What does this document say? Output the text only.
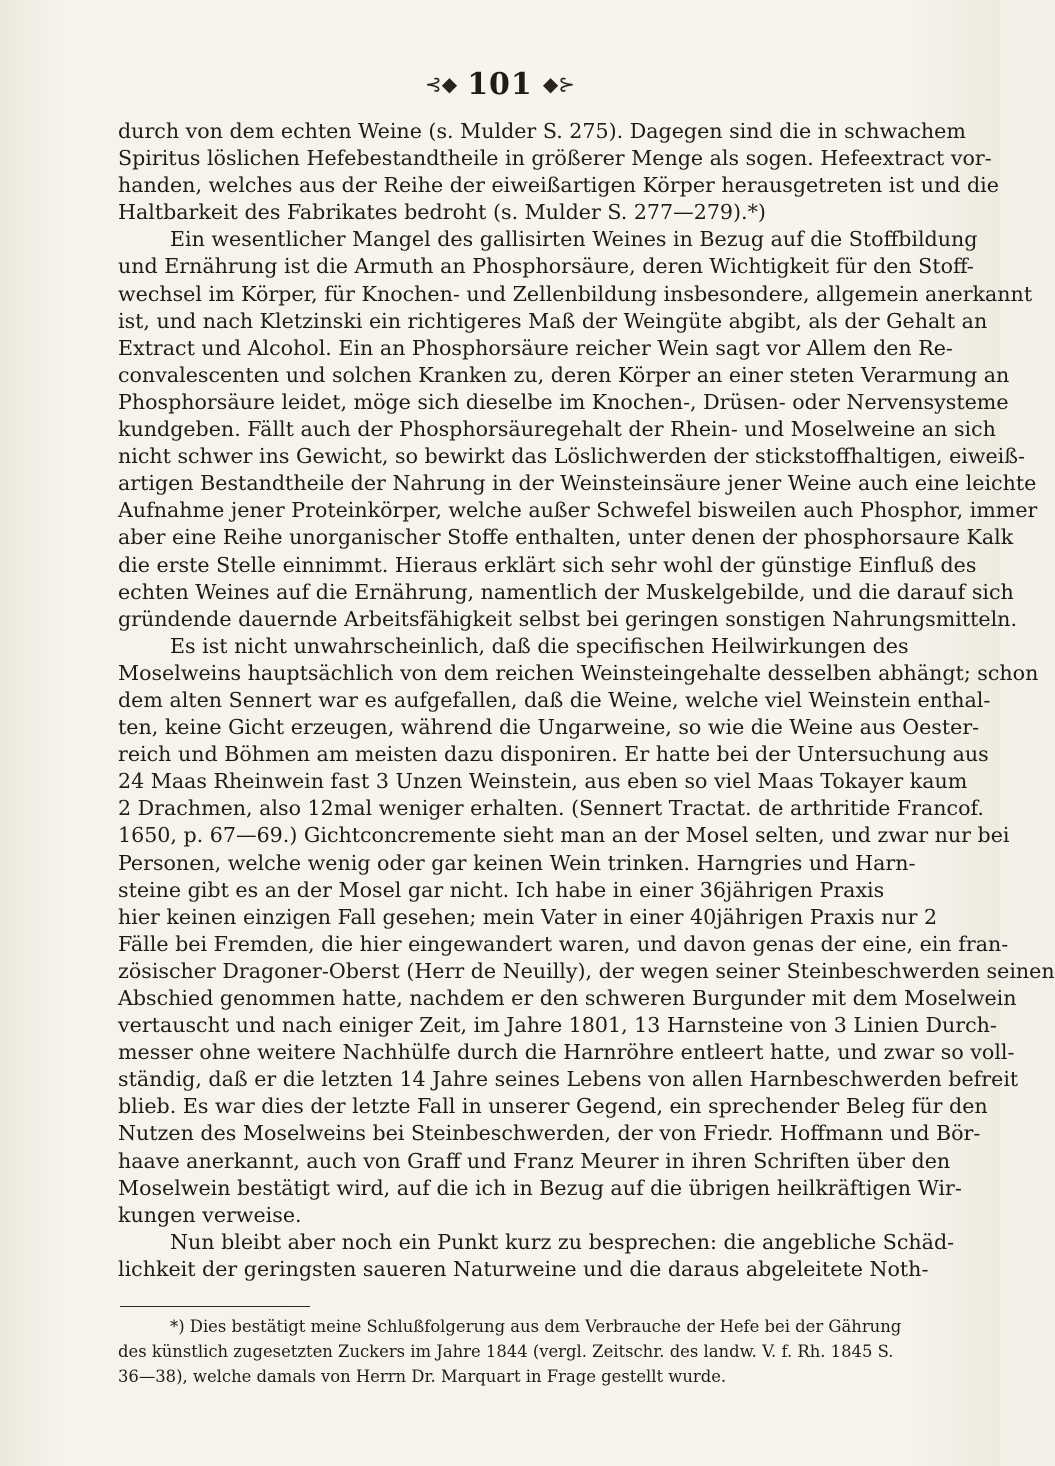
⊰◆ 101 ◆⊱
durch von dem echten Weine (s. Mulder S. 275). Dagegen sind die in schwachem
Spiritus löslichen Hefebestandtheile in größerer Menge als sogen. Hefeextract vor-
handen, welches aus der Reihe der eiweißartigen Körper herausgetreten ist und die
Haltbarkeit des Fabrikates bedroht (s. Mulder S. 277—279).*)
Ein wesentlicher Mangel des gallisirten Weines in Bezug auf die Stoffbildung
und Ernährung ist die Armuth an Phosphorsäure, deren Wichtigkeit für den Stoff-
wechsel im Körper, für Knochen- und Zellenbildung insbesondere, allgemein anerkannt
ist, und nach Kletzinski ein richtigeres Maß der Weingüte abgibt, als der Gehalt an
Extract und Alcohol. Ein an Phosphorsäure reicher Wein sagt vor Allem den Re-
convalescenten und solchen Kranken zu, deren Körper an einer steten Verarmung an
Phosphorsäure leidet, möge sich dieselbe im Knochen-, Drüsen- oder Nervensysteme
kundgeben. Fällt auch der Phosphorsäuregehalt der Rhein- und Moselweine an sich
nicht schwer ins Gewicht, so bewirkt das Löslichwerden der stickstoffhaltigen, eiweiß-
artigen Bestandtheile der Nahrung in der Weinsteinsäure jener Weine auch eine leichte
Aufnahme jener Proteinkörper, welche außer Schwefel bisweilen auch Phosphor, immer
aber eine Reihe unorganischer Stoffe enthalten, unter denen der phosphorsaure Kalk
die erste Stelle einnimmt. Hieraus erklärt sich sehr wohl der günstige Einfluß des
echten Weines auf die Ernährung, namentlich der Muskelgebilde, und die darauf sich
gründende dauernde Arbeitsfähigkeit selbst bei geringen sonstigen Nahrungsmitteln.
Es ist nicht unwahrscheinlich, daß die specifischen Heilwirkungen des
Moselweins hauptsächlich von dem reichen Weinsteingehalte desselben abhängt; schon
dem alten Sennert war es aufgefallen, daß die Weine, welche viel Weinstein enthal-
ten, keine Gicht erzeugen, während die Ungarweine, so wie die Weine aus Oester-
reich und Böhmen am meisten dazu disponiren. Er hatte bei der Untersuchung aus
24 Maas Rheinwein fast 3 Unzen Weinstein, aus eben so viel Maas Tokayer kaum
2 Drachmen, also 12mal weniger erhalten. (Sennert Tractat. de arthritide Francof.
1650, p. 67—69.) Gichtconcremente sieht man an der Mosel selten, und zwar nur bei
Personen, welche wenig oder gar keinen Wein trinken. Harngries und Harn-
steine gibt es an der Mosel gar nicht. Ich habe in einer 36jährigen Praxis
hier keinen einzigen Fall gesehen; mein Vater in einer 40jährigen Praxis nur 2
Fälle bei Fremden, die hier eingewandert waren, und davon genas der eine, ein fran-
zösischer Dragoner-Oberst (Herr de Neuilly), der wegen seiner Steinbeschwerden seinen
Abschied genommen hatte, nachdem er den schweren Burgunder mit dem Moselwein
vertauscht und nach einiger Zeit, im Jahre 1801, 13 Harnsteine von 3 Linien Durch-
messer ohne weitere Nachhülfe durch die Harnröhre entleert hatte, und zwar so voll-
ständig, daß er die letzten 14 Jahre seines Lebens von allen Harnbeschwerden befreit
blieb. Es war dies der letzte Fall in unserer Gegend, ein sprechender Beleg für den
Nutzen des Moselweins bei Steinbeschwerden, der von Friedr. Hoffmann und Bör-
haave anerkannt, auch von Graff und Franz Meurer in ihren Schriften über den
Moselwein bestätigt wird, auf die ich in Bezug auf die übrigen heilkräftigen Wir-
kungen verweise.
Nun bleibt aber noch ein Punkt kurz zu besprechen: die angebliche Schäd-
lichkeit der geringsten saueren Naturweine und die daraus abgeleitete Noth-
*) Dies bestätigt meine Schlußfolgerung aus dem Verbrauche der Hefe bei der Gährung
des künstlich zugesetzten Zuckers im Jahre 1844 (vergl. Zeitschr. des landw. V. f. Rh. 1845 S.
36—38), welche damals von Herrn Dr. Marquart in Frage gestellt wurde.
